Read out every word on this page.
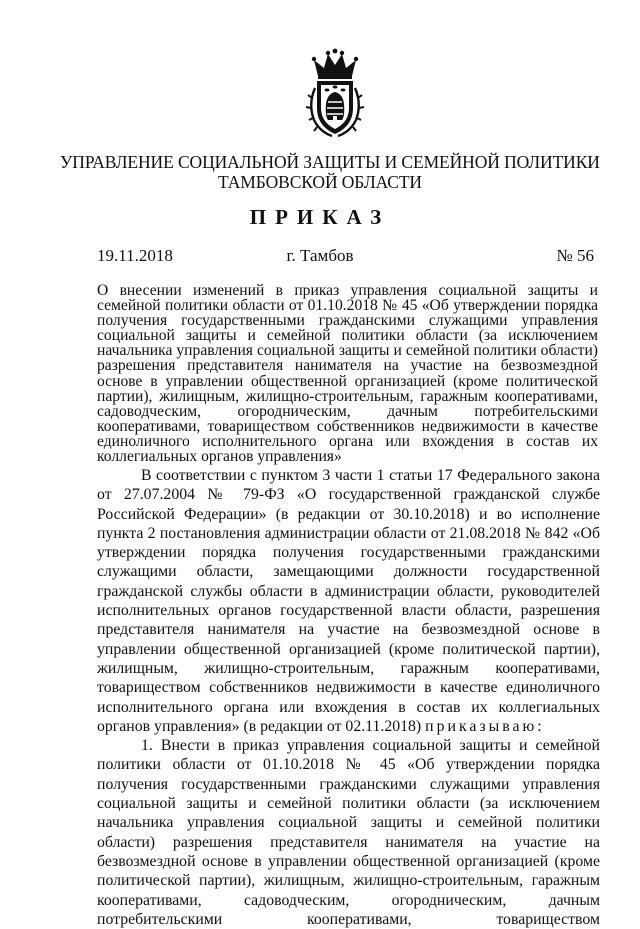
УПРАВЛЕНИЕ СОЦИАЛЬНОЙ ЗАЩИТЫ И СЕМЕЙНОЙ ПОЛИТИКИ
ТАМБОВСКОЙ ОБЛАСТИ
ПРИКАЗ
19.11.2018	г. Тамбов	№ 56

О внесении изменений в приказ управления социальной защиты и семейной политики области от 01.10.2018 № 45 «Об утверждении порядка получения государственными гражданскими служащими управления социальной защиты и семейной политики области (за исключением начальника управления социальной защиты и семейной политики области) разрешения представителя нанимателя на участие на безвозмездной основе в управлении общественной организацией (кроме политической партии), жилищным, жилищно-строительным, гаражным кооперативами, садоводческим, огородническим, дачным потребительскими кооперативами, товариществом собственников недвижимости в качестве единоличного исполнительного органа или вхождения в состав их коллегиальных органов управления»

В соответствии с пунктом 3 части 1 статьи 17 Федерального закона от 27.07.2004 № 79-ФЗ «О государственной гражданской службе Российской Федерации» (в редакции от 30.10.2018) и во исполнение пункта 2 постановления администрации области от 21.08.2018 № 842 «Об утверждении порядка получения государственными гражданскими служащими области, замещающими должности государственной гражданской службы области в администрации области, руководителей исполнительных органов государственной власти области, разрешения представителя нанимателя на участие на безвозмездной основе в управлении общественной организацией (кроме политической партии), жилищным, жилищно-строительным, гаражным кооперативами, товариществом собственников недвижимости в качестве единоличного исполнительного органа или вхождения в состав их коллегиальных органов управления» (в редакции от 02.11.2018) приказываю:

1. Внести в приказ управления социальной защиты и семейной политики области от 01.10.2018 № 45 «Об утверждении порядка получения государственными гражданскими служащими управления социальной защиты и семейной политики области (за исключением начальника управления социальной защиты и семейной политики области) разрешения представителя нанимателя на участие на безвозмездной основе в управлении общественной организацией (кроме политической партии), жилищным, жилищно-строительным, гаражным кооперативами, садоводческим, огородническим, дачным потребительскими кооперативами, товариществом
